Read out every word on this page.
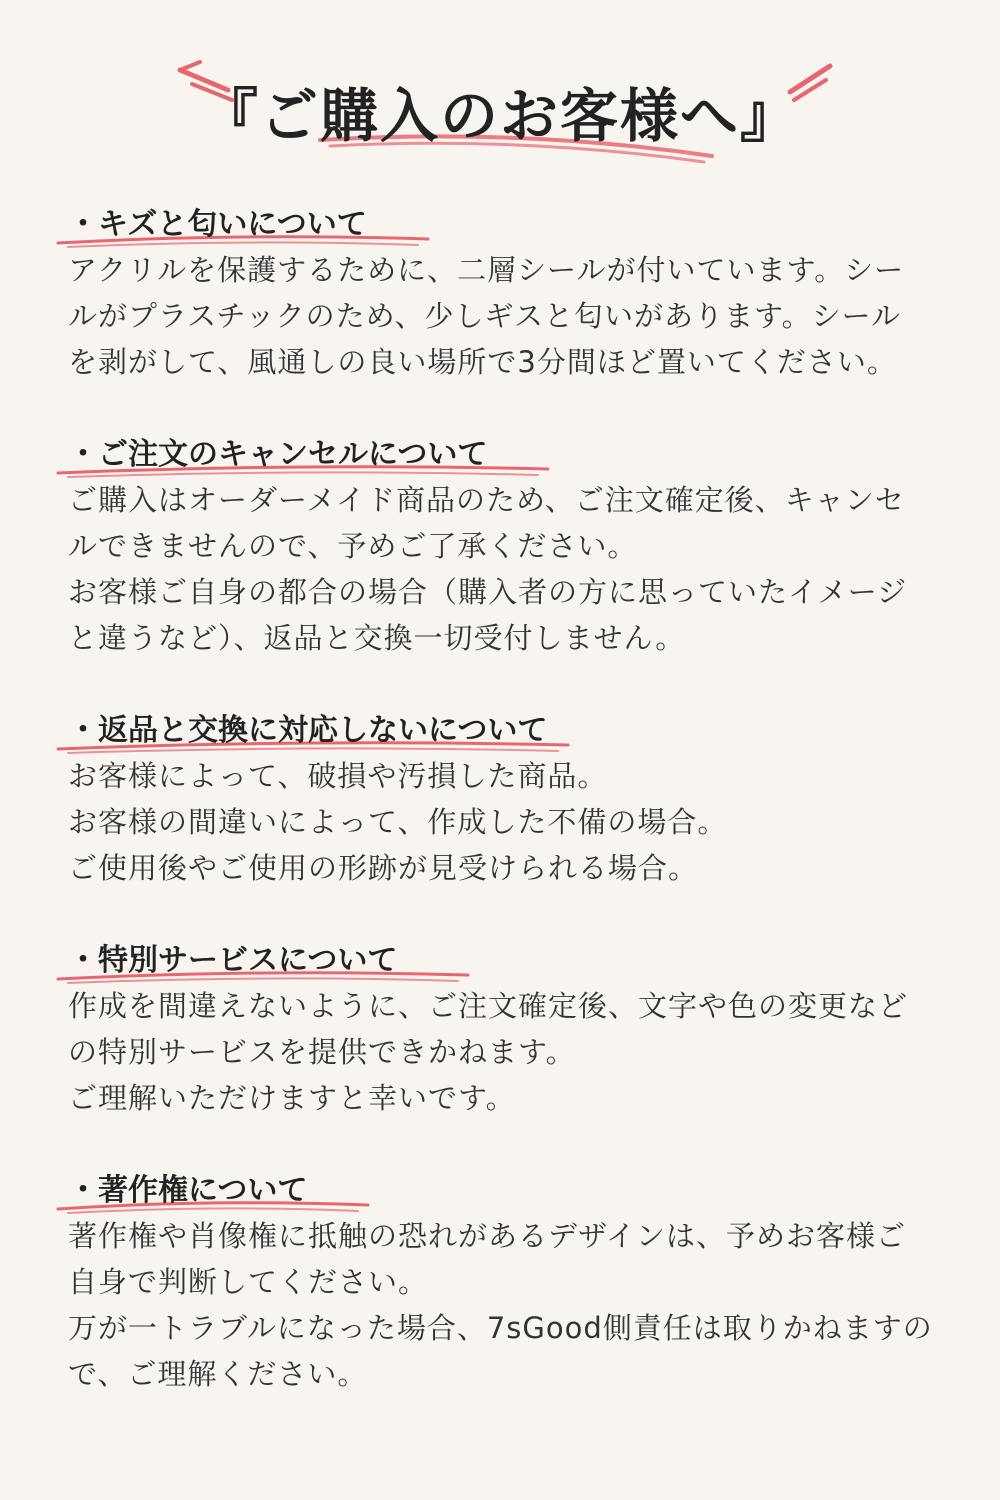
『ご購入のお客様へ』
・キズと匂いについて

アクリルを保護するために、二層シールが付いています。シー

ルがプラスチックのため、少しギスと匂いがあります。シール

を剥がして、風通しの良い場所で3分間ほど置いてください。

・ご注文のキャンセルについて

ご購入はオーダーメイド商品のため、ご注文確定後、キャンセ

ルできませんので、予めご了承ください。

お客様ご自身の都合の場合（購入者の方に思っていたイメージ

と違うなど）、返品と交換一切受付しません。

・返品と交換に対応しないについて

お客様によって、破損や汚損した商品。

お客様の間違いによって、作成した不備の場合。

ご使用後やご使用の形跡が見受けられる場合。

・特別サービスについて

作成を間違えないように、ご注文確定後、文字や色の変更など

の特別サービスを提供できかねます。

ご理解いただけますと幸いです。

・著作権について

著作権や肖像権に抵触の恐れがあるデザインは、予めお客様ご

自身で判断してください。

万が一トラブルになった場合、7sGood側責任は取りかねますの

で、ご理解ください。
